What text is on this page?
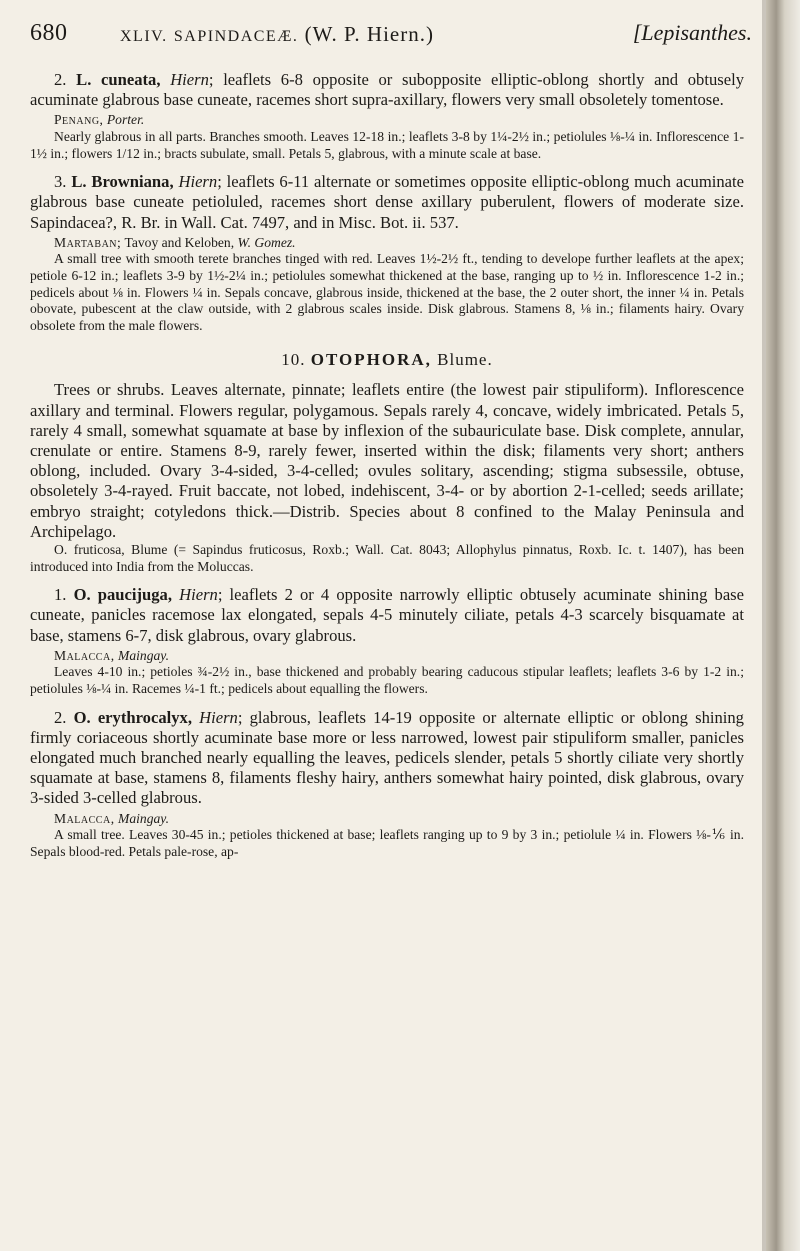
680	XLIV. SAPINDACEÆ. (W. P. Hiern.)	[Lepisanthes.

2. L. cuneata, Hiern; leaflets 6-8 opposite or subopposite elliptic-oblong shortly and obtusely acuminate glabrous base cuneate, racemes short supra-axillary, flowers very small obsoletely tomentose.

Penang, Porter.

Nearly glabrous in all parts. Branches smooth. Leaves 12-18 in.; leaflets 3-8 by 1¼-2½ in.; petiolules ⅛-¼ in. Inflorescence 1-1½ in.; flowers 1/12 in.; bracts subulate, small. Petals 5, glabrous, with a minute scale at base.

3. L. Browniana, Hiern; leaflets 6-11 alternate or sometimes opposite elliptic-oblong much acuminate glabrous base cuneate petioluled, racemes short dense axillary puberulent, flowers of moderate size. Sapindacea?, R. Br. in Wall. Cat. 7497, and in Misc. Bot. ii. 537.

Martaban; Tavoy and Keloben, W. Gomez.

A small tree with smooth terete branches tinged with red. Leaves 1½-2½ ft., tending to develope further leaflets at the apex; petiole 6-12 in.; leaflets 3-9 by 1½-2¼ in.; petiolules somewhat thickened at the base, ranging up to ½ in. Inflorescence 1-2 in.; pedicels about ⅛ in. Flowers ¼ in. Sepals concave, glabrous inside, thickened at the base, the 2 outer short, the inner ¼ in. Petals obovate, pubescent at the claw outside, with 2 glabrous scales inside. Disk glabrous. Stamens 8, ⅛ in.; filaments hairy. Ovary obsolete from the male flowers.

10. OTOPHORA, Blume.

Trees or shrubs. Leaves alternate, pinnate; leaflets entire (the lowest pair stipuliform). Inflorescence axillary and terminal. Flowers regular, polygamous. Sepals rarely 4, concave, widely imbricated. Petals 5, rarely 4 small, somewhat squamate at base by inflexion of the subauriculate base. Disk complete, annular, crenulate or entire. Stamens 8-9, rarely fewer, inserted within the disk; filaments very short; anthers oblong, included. Ovary 3-4-sided, 3-4-celled; ovules solitary, ascending; stigma subsessile, obtuse, obsoletely 3-4-rayed. Fruit baccate, not lobed, indehiscent, 3-4- or by abortion 2-1-celled; seeds arillate; embryo straight; cotyledons thick.—Distrib. Species about 8 confined to the Malay Peninsula and Archipelago.

O. fruticosa, Blume (= Sapindus fruticosus, Roxb.; Wall. Cat. 8043; Allophylus pinnatus, Roxb. Ic. t. 1407), has been introduced into India from the Moluccas.

1. O. paucijuga, Hiern; leaflets 2 or 4 opposite narrowly elliptic obtusely acuminate shining base cuneate, panicles racemose lax elongated, sepals 4-5 minutely ciliate, petals 4-3 scarcely bisquamate at base, stamens 6-7, disk glabrous, ovary glabrous.

Malacca, Maingay.

Leaves 4-10 in.; petioles ¾-2½ in., base thickened and probably bearing caducous stipular leaflets; leaflets 3-6 by 1-2 in.; petiolules ⅛-¼ in. Racemes ¼-1 ft.; pedicels about equalling the flowers.

2. O. erythrocalyx, Hiern; glabrous, leaflets 14-19 opposite or alternate elliptic or oblong shining firmly coriaceous shortly acuminate base more or less narrowed, lowest pair stipuliform smaller, panicles elongated much branched nearly equalling the leaves, pedicels slender, petals 5 shortly ciliate very shortly squamate at base, stamens 8, filaments fleshy hairy, anthers somewhat hairy pointed, disk glabrous, ovary 3-sided 3-celled glabrous.

Malacca, Maingay.

A small tree. Leaves 30-45 in.; petioles thickened at base; leaflets ranging up to 9 by 3 in.; petiolule ¼ in. Flowers ⅛-⅙ in. Sepals blood-red. Petals pale-rose, ap-
